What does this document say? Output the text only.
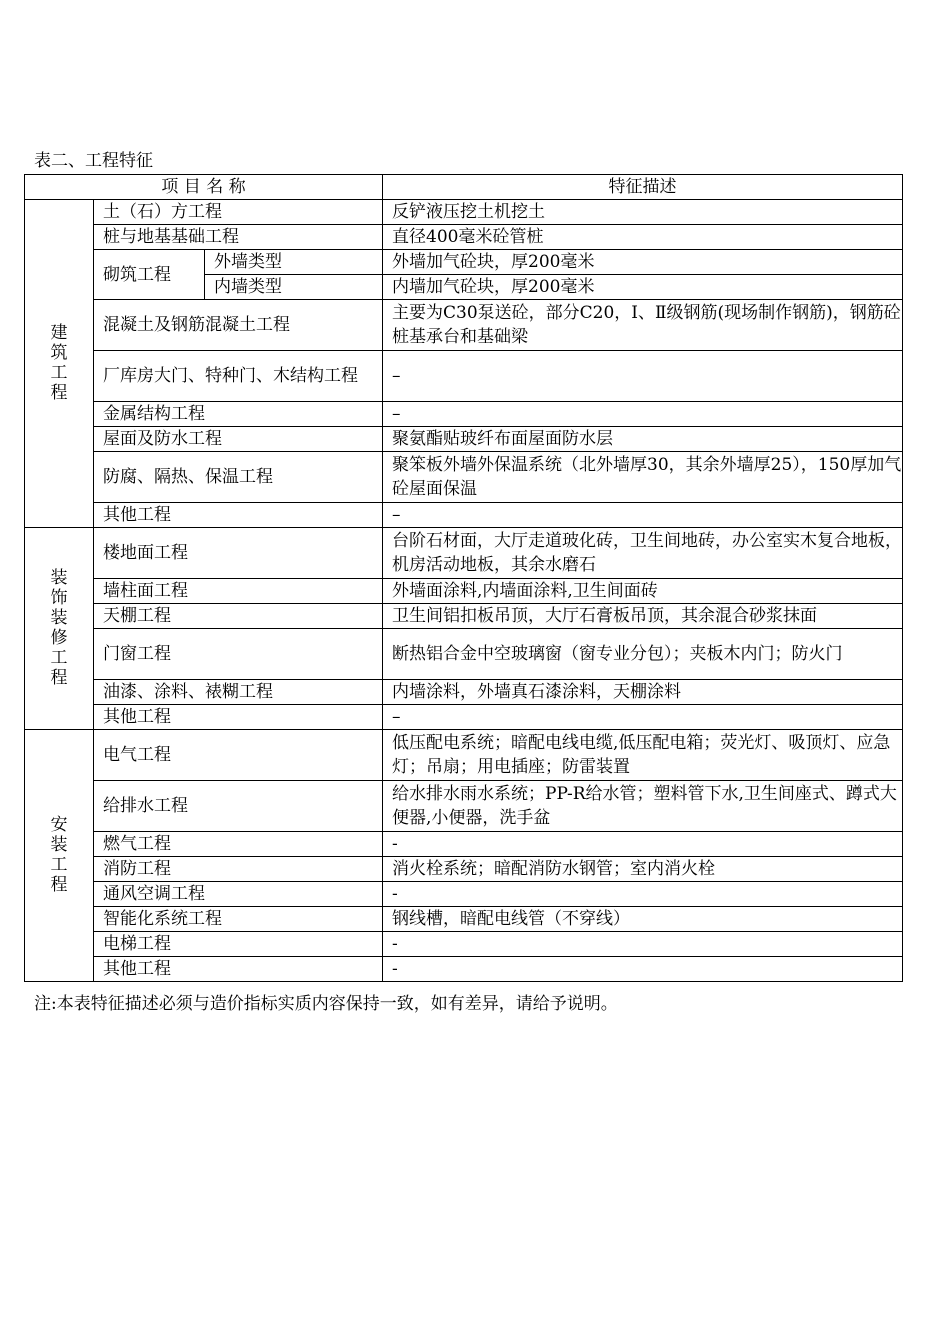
表二、工程特征
项 目 名 称			特征描述
建筑工程	土（石）方工程		反铲液压挖土机挖土
	桩与地基基础工程		直径400毫米砼管桩
	砌筑工程	外墙类型	外墙加气砼块，厚200毫米
		内墙类型	内墙加气砼块，厚200毫米
	混凝土及钢筋混凝土工程		主要为C30泵送砼，部分C20，Ⅰ、Ⅱ级钢筋(现场制作钢筋)，钢筋砼桩基承台和基础梁
	厂库房大门、特种门、木结构工程		–
	金属结构工程		–
	屋面及防水工程		聚氨酯贴玻纤布面屋面防水层
	防腐、隔热、保温工程		聚笨板外墙外保温系统（北外墙厚30，其余外墙厚25），150厚加气砼屋面保温
	其他工程		–
装饰装修工程	楼地面工程		台阶石材面，大厅走道玻化砖，卫生间地砖，办公室实木复合地板，机房活动地板，其余水磨石
	墙柱面工程		外墙面涂料,内墙面涂料,卫生间面砖
	天棚工程		卫生间铝扣板吊顶，大厅石膏板吊顶，其余混合砂浆抹面
	门窗工程		断热铝合金中空玻璃窗（窗专业分包）；夹板木内门；防火门
	油漆、涂料、裱糊工程		内墙涂料，外墙真石漆涂料，天棚涂料
	其他工程		–
安装工程	电气工程		低压配电系统；暗配电线电缆,低压配电箱；荧光灯、吸顶灯、应急灯；吊扇；用电插座；防雷装置
	给排水工程		给水排水雨水系统；PP-R给水管；塑料管下水,卫生间座式、蹲式大便器,小便器，洗手盆
	燃气工程		-
	消防工程		消火栓系统；暗配消防水钢管；室内消火栓
	通风空调工程		-
	智能化系统工程		钢线槽，暗配电线管（不穿线）
	电梯工程		-
	其他工程		-
注:本表特征描述必须与造价指标实质内容保持一致，如有差异，请给予说明。
